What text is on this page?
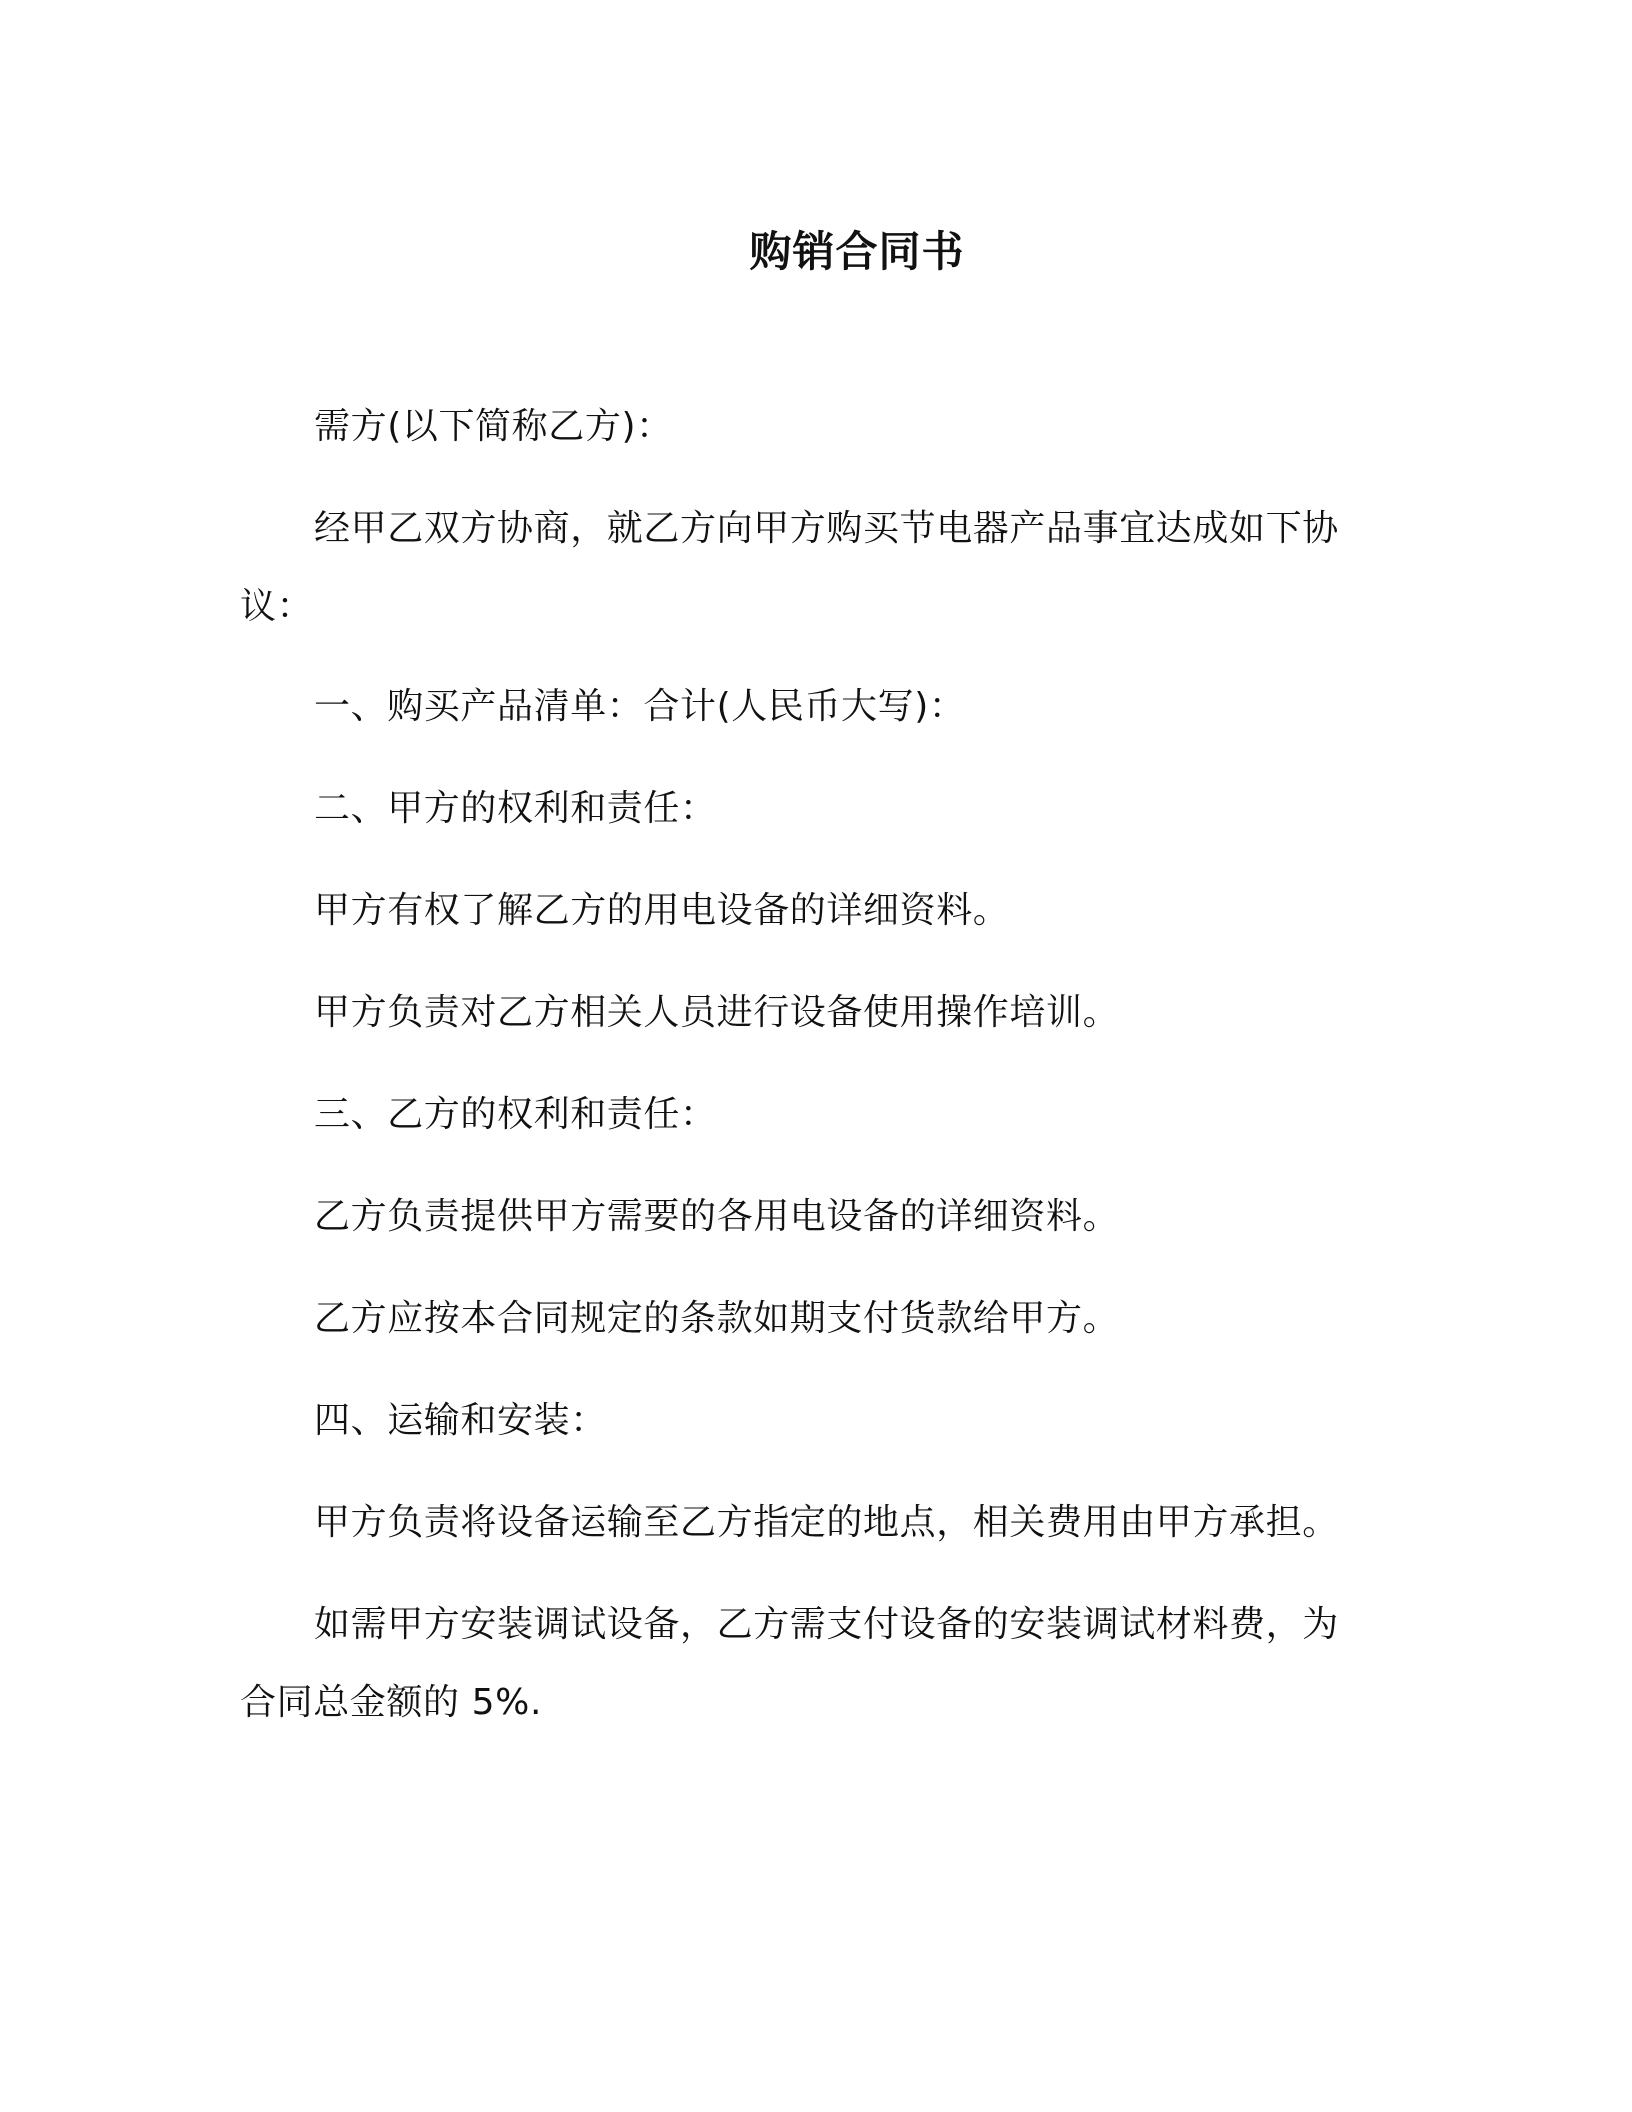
购销合同书
需方(以下简称乙方)：
经甲乙双方协商，就乙方向甲方购买节电器产品事宜达成如下协议：
一、购买产品清单：合计(人民币大写)：
二、甲方的权利和责任：
甲方有权了解乙方的用电设备的详细资料。
甲方负责对乙方相关人员进行设备使用操作培训。
三、乙方的权利和责任：
乙方负责提供甲方需要的各用电设备的详细资料。
乙方应按本合同规定的条款如期支付货款给甲方。
四、运输和安装：
甲方负责将设备运输至乙方指定的地点，相关费用由甲方承担。
如需甲方安装调试设备，乙方需支付设备的安装调试材料费，为合同总金额的 5%.
